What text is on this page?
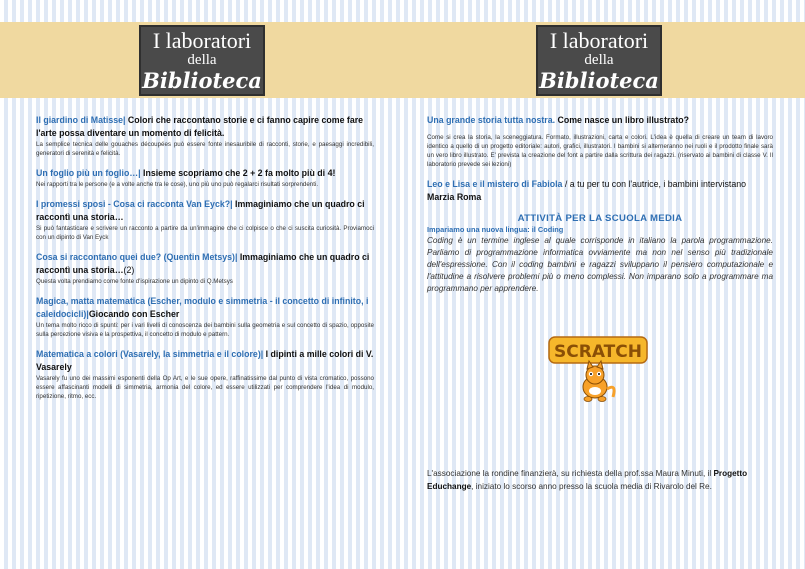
I laboratori
della
Biblioteca
I laboratori
della
Biblioteca
Il giardino di Matisse| Colori che raccontano storie e ci fanno capire come fare l'arte possa diventare un momento di felicità.
La semplice tecnica delle gouaches découpées può essere fonte inesauribile di racconti, storie, e paesaggi incredibili, generatori di serenità e felicità.
Un foglio più un foglio…| Insieme scopriamo che 2 + 2 fa molto più di 4!
Nei rapporti tra le persone (e a volte anche tra le cose), uno più uno può regalarci risultati sorprendenti.
I promessi sposi - Cosa ci racconta Van Eyck?| Immaginiamo che un quadro ci raccontì una storia…
Si può fantasticare e scrivere un racconto a partire da un'immagine che ci colpisce o che ci suscita curiosità. Proviamoci con un dipinto di Van Eyck
Cosa si raccontano quei due? (Quentin Metsys)| Immaginiamo che un quadro ci raccontì una storia…(2)
Questa volta prendiamo come fonte d'ispirazione un dipinto di Q.Metsys
Magica, matta matematica (Escher, modulo e simmetria - il concetto di infinito, i caleidocicli)|Giocando con Escher
Un tema molto ricco di spunti: per i vari livelli di conoscenza dei bambini sulla geometria e sul concetto di spazio, opposite sulla percezione visiva e la prospettiva, il concetto di modulo e pattern.
Matematica a colori (Vasarely, la simmetria e il colore)| I dipinti a mille colori di V. Vasarely
Vasarely fu uno dei massimi esponenti della Op Art, e le sue opere, raffinatissime dal punto di vista cromatico, possono essere affascinanti modelli di simmetria, armonia del colore, ed essere utilizzati per comprendere l'idea di modulo, ripetizione, ritmo, ecc.
Una grande storia tutta nostra. Come nasce un libro illustrato?
Come si crea la storia, la sceneggiatura. Formato, illustrazioni, carta e colori. L'idea è quella di creare un team di lavoro identico a quello di un progetto editoriale: autori, grafici, illustratori. I bambini si alterneranno nei ruoli e il prodotto finale sarà un vero libro illustrato. E' prevista la creazione del font a partire dalla scrittura dei ragazzi. (riservato ai bambini di classe V. Il laboratorio prevede sei lezioni)
Leo e Lisa e il mistero di Fabiola / a tu per tu con l'autrice, i bambini intervistano
Marzia Roma
ATTIVITÀ PER LA SCUOLA MEDIA
Impariamo una nuova lingua: il Coding
Coding è un termine inglese al quale corrisponde in italiano la parola programmazione. Parliamo di programmazione informatica ovviamente ma non nel senso più tradizionale dell'espressione. Con il coding bambini e ragazzi sviluppano il pensiero computazionale e l'attitudine a risolvere problemi più o meno complessi. Non imparano solo a programmare ma programmano per apprendere.
SCRATCH
L'associazione la rondine finanzierà, su richiesta della prof.ssa Maura Minuti, il Progetto Educhange, iniziato lo scorso anno presso la scuola media di Rivarolo del Re.
